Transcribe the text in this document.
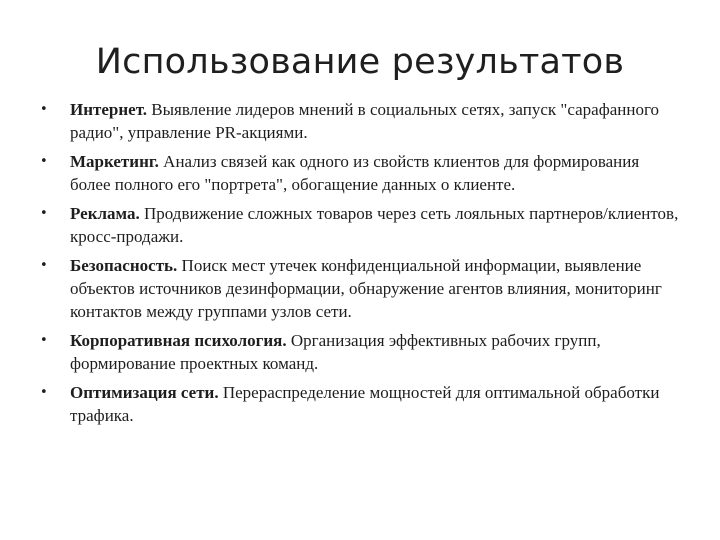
Использование результатов
• Интернет. Выявление лидеров мнений в социальных сетях, запуск "сарафанного радио", управление PR-акциями.
• Маркетинг. Анализ связей как одного из свойств клиентов для формирования более полного его "портрета", обогащение данных о клиенте.
• Реклама. Продвижение сложных товаров через сеть лояльных партнеров/клиентов, кросс-продажи.
• Безопасность. Поиск мест утечек конфиденциальной информации, выявление объектов источников дезинформации, обнаружение агентов влияния, мониторинг контактов между группами узлов сети.
• Корпоративная психология. Организация эффективных рабочих групп, формирование проектных команд.
• Оптимизация сети. Перераспределение мощностей для оптимальной обработки трафика.
